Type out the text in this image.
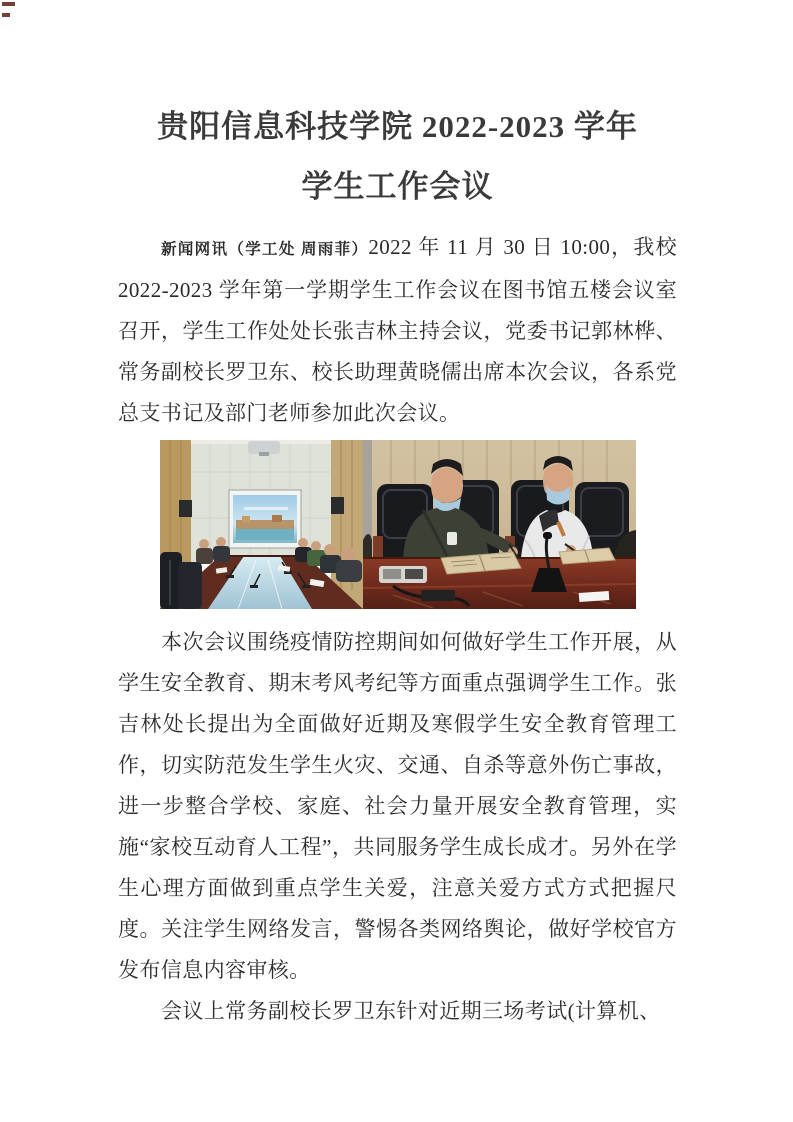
贵阳信息科技学院 2022-2023 学年
学生工作会议

新闻网讯（学工处 周雨菲）2022 年 11 月 30 日 10:00，我校 2022-2023 学年第一学期学生工作会议在图书馆五楼会议室召开，学生工作处处长张吉林主持会议，党委书记郭林桦、常务副校长罗卫东、校长助理黄晓儒出席本次会议，各系党总支书记及部门老师参加此次会议。

本次会议围绕疫情防控期间如何做好学生工作开展，从学生安全教育、期末考风考纪等方面重点强调学生工作。张吉林处长提出为全面做好近期及寒假学生安全教育管理工作，切实防范发生学生火灾、交通、自杀等意外伤亡事故，进一步整合学校、家庭、社会力量开展安全教育管理，实施“家校互动育人工程”，共同服务学生成长成才。另外在学生心理方面做到重点学生关爱，注意关爱方式方式把握尺度。关注学生网络发言，警惕各类网络舆论，做好学校官方发布信息内容审核。

会议上常务副校长罗卫东针对近期三场考试(计算机、
